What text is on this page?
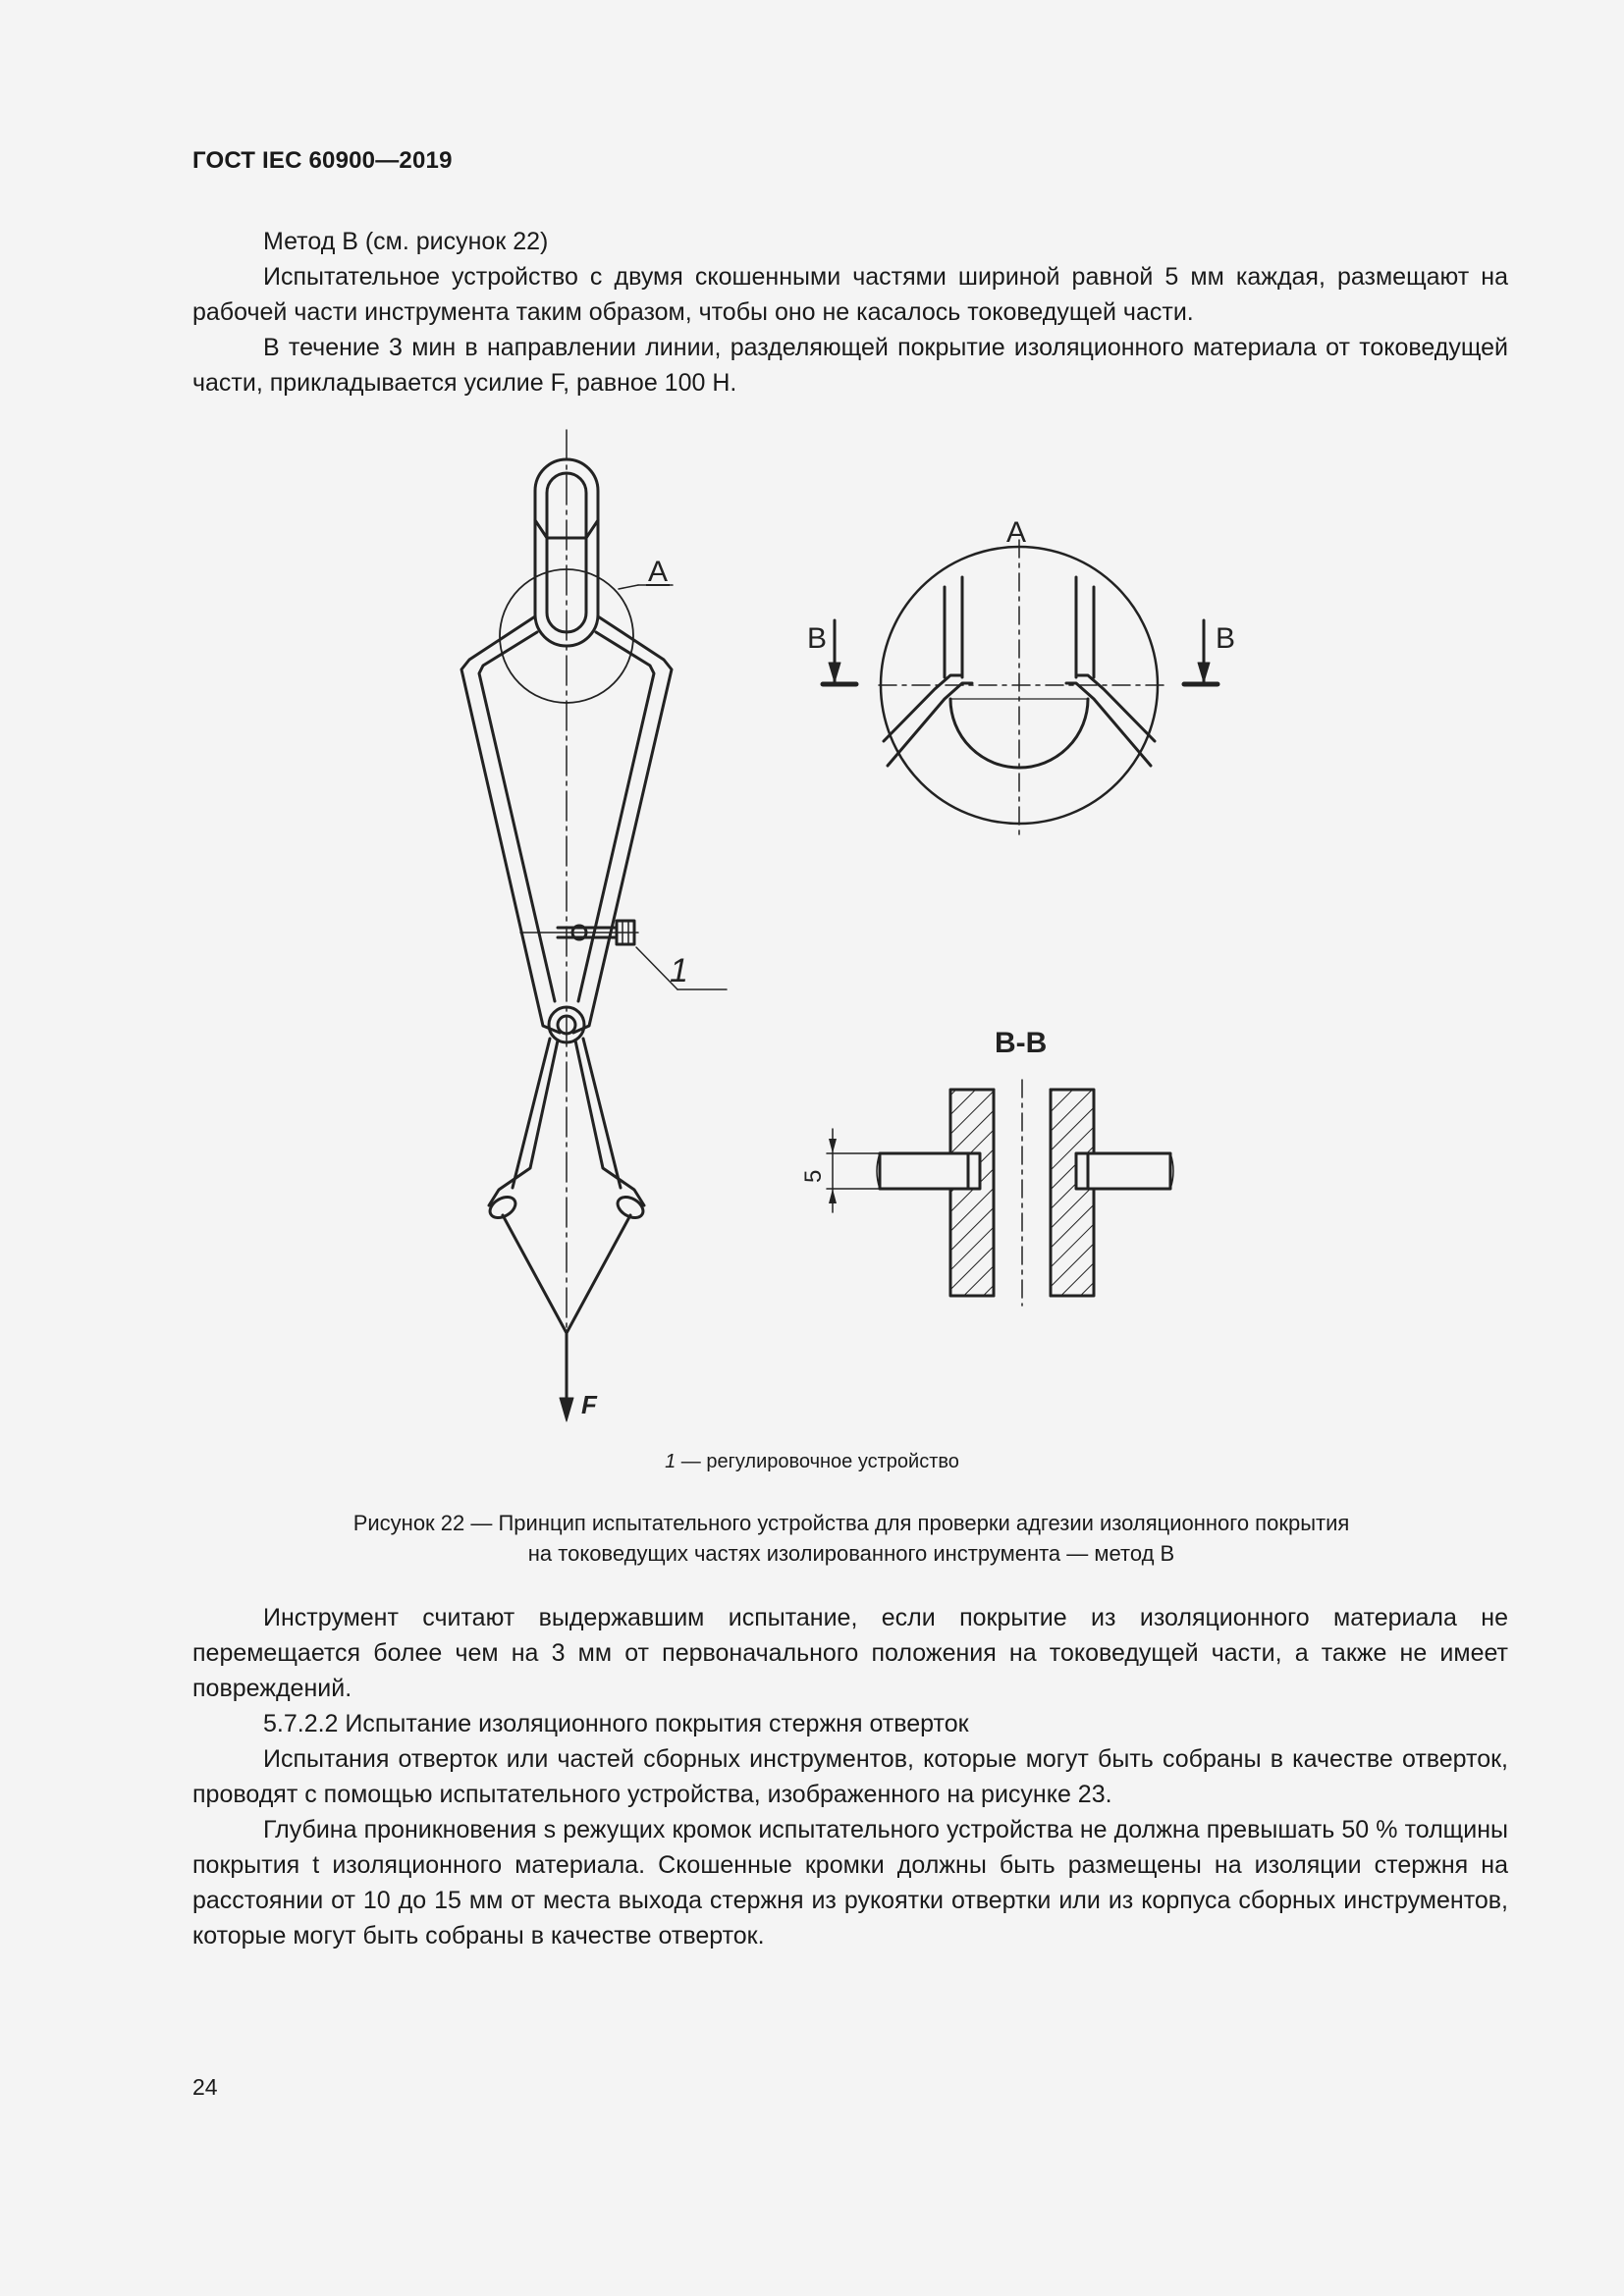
ГОСТ IEC 60900—2019

Метод B (см. рисунок 22)

Испытательное устройство с двумя скошенными частями шириной равной 5 мм каждая, размещают на рабочей части инструмента таким образом, чтобы оно не касалось токоведущей части.

В течение 3 мин в направлении линии, разделяющей покрытие изоляционного материала от токоведущей части, прикладывается усилие F, равное 100 Н.

A
A
B	B
B-B
1
F
5
1 — регулировочное устройство
Рисунок 22 — Принцип испытательного устройства для проверки адгезии изоляционного покрытия
на токоведущих частях изолированного инструмента — метод B

Инструмент считают выдержавшим испытание, если покрытие из изоляционного материала не перемещается более чем на 3 мм от первоначального положения на токоведущей части, а также не имеет повреждений.

5.7.2.2 Испытание изоляционного покрытия стержня отверток

Испытания отверток или частей сборных инструментов, которые могут быть собраны в качестве отверток, проводят с помощью испытательного устройства, изображенного на рисунке 23.

Глубина проникновения s режущих кромок испытательного устройства не должна превышать 50 % толщины покрытия t изоляционного материала. Скошенные кромки должны быть размещены на изоляции стержня на расстоянии от 10 до 15 мм от места выхода стержня из рукоятки отвертки или из корпуса сборных инструментов, которые могут быть собраны в качестве отверток.

24
